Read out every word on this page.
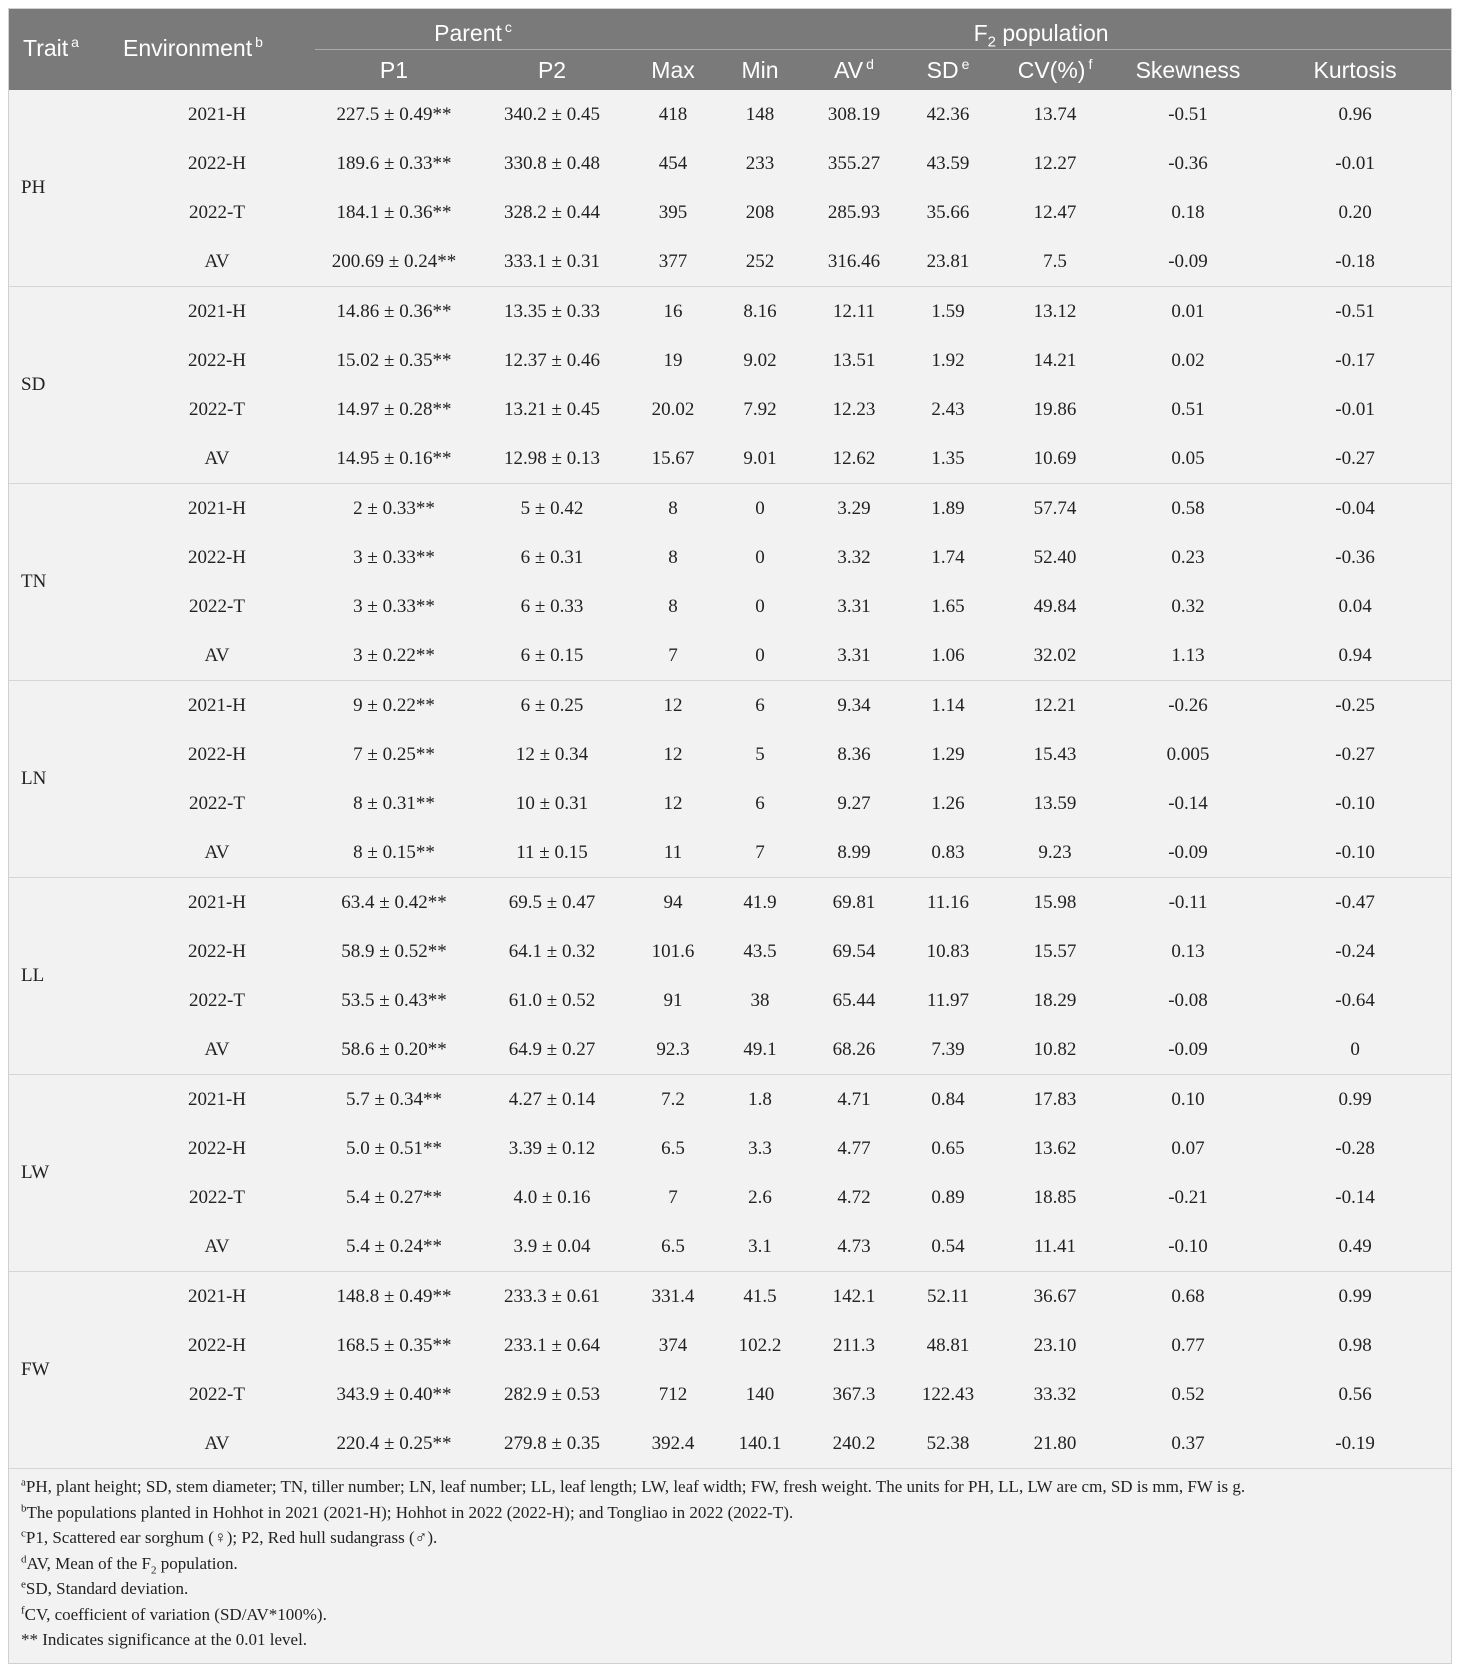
Trait $^a$	Environment $^b$	Parent $^c$		$F_2$ population						
		P1	P2	Max	Min	AV $^d$	SD $^e$	CV(%) $^f$	Skewness	Kurtosis
PH	2021-H	227.5 ± 0.49**	340.2 ± 0.45	418	148	308.19	42.36	13.74	-0.51	0.96
	2022-H	189.6 ± 0.33**	330.8 ± 0.48	454	233	355.27	43.59	12.27	-0.36	-0.01
	2022-T	184.1 ± 0.36**	328.2 ± 0.44	395	208	285.93	35.66	12.47	0.18	0.20
	AV	200.69 ± 0.24**	333.1 ± 0.31	377	252	316.46	23.81	7.5	-0.09	-0.18
SD	2021-H	14.86 ± 0.36**	13.35 ± 0.33	16	8.16	12.11	1.59	13.12	0.01	-0.51
	2022-H	15.02 ± 0.35**	12.37 ± 0.46	19	9.02	13.51	1.92	14.21	0.02	-0.17
	2022-T	14.97 ± 0.28**	13.21 ± 0.45	20.02	7.92	12.23	2.43	19.86	0.51	-0.01
	AV	14.95 ± 0.16**	12.98 ± 0.13	15.67	9.01	12.62	1.35	10.69	0.05	-0.27
TN	2021-H	2 ± 0.33**	5 ± 0.42	8	0	3.29	1.89	57.74	0.58	-0.04
	2022-H	3 ± 0.33**	6 ± 0.31	8	0	3.32	1.74	52.40	0.23	-0.36
	2022-T	3 ± 0.33**	6 ± 0.33	8	0	3.31	1.65	49.84	0.32	0.04
	AV	3 ± 0.22**	6 ± 0.15	7	0	3.31	1.06	32.02	1.13	0.94
LN	2021-H	9 ± 0.22**	6 ± 0.25	12	6	9.34	1.14	12.21	-0.26	-0.25
	2022-H	7 ± 0.25**	12 ± 0.34	12	5	8.36	1.29	15.43	0.005	-0.27
	2022-T	8 ± 0.31**	10 ± 0.31	12	6	9.27	1.26	13.59	-0.14	-0.10
	AV	8 ± 0.15**	11 ± 0.15	11	7	8.99	0.83	9.23	-0.09	-0.10
LL	2021-H	63.4 ± 0.42**	69.5 ± 0.47	94	41.9	69.81	11.16	15.98	-0.11	-0.47
	2022-H	58.9 ± 0.52**	64.1 ± 0.32	101.6	43.5	69.54	10.83	15.57	0.13	-0.24
	2022-T	53.5 ± 0.43**	61.0 ± 0.52	91	38	65.44	11.97	18.29	-0.08	-0.64
	AV	58.6 ± 0.20**	64.9 ± 0.27	92.3	49.1	68.26	7.39	10.82	-0.09	0
LW	2021-H	5.7 ± 0.34**	4.27 ± 0.14	7.2	1.8	4.71	0.84	17.83	0.10	0.99
	2022-H	5.0 ± 0.51**	3.39 ± 0.12	6.5	3.3	4.77	0.65	13.62	0.07	-0.28
	2022-T	5.4 ± 0.27**	4.0 ± 0.16	7	2.6	4.72	0.89	18.85	-0.21	-0.14
	AV	5.4 ± 0.24**	3.9 ± 0.04	6.5	3.1	4.73	0.54	11.41	-0.10	0.49
FW	2021-H	148.8 ± 0.49**	233.3 ± 0.61	331.4	41.5	142.1	52.11	36.67	0.68	0.99
	2022-H	168.5 ± 0.35**	233.1 ± 0.64	374	102.2	211.3	48.81	23.10	0.77	0.98
	2022-T	343.9 ± 0.40**	282.9 ± 0.53	712	140	367.3	122.43	33.32	0.52	0.56
	AV	220.4 ± 0.25**	279.8 ± 0.35	392.4	140.1	240.2	52.38	21.80	0.37	-0.19

$^a$PH, plant height; SD, stem diameter; TN, tiller number; LN, leaf number; LL, leaf length; LW, leaf width; FW, fresh weight. The units for PH, LL, LW are cm, SD is mm, FW is g.

$^b$The populations planted in Hohhot in 2021 (2021-H); Hohhot in 2022 (2022-H); and Tongliao in 2022 (2022-T).

$^c$P1, Scattered ear sorghum (♀); P2, Red hull sudangrass (♂).

$^d$AV, Mean of the $F_2$ population.

$^e$SD, Standard deviation.

$^f$CV, coefficient of variation (SD/AV*100%).

** Indicates significance at the 0.01 level.
